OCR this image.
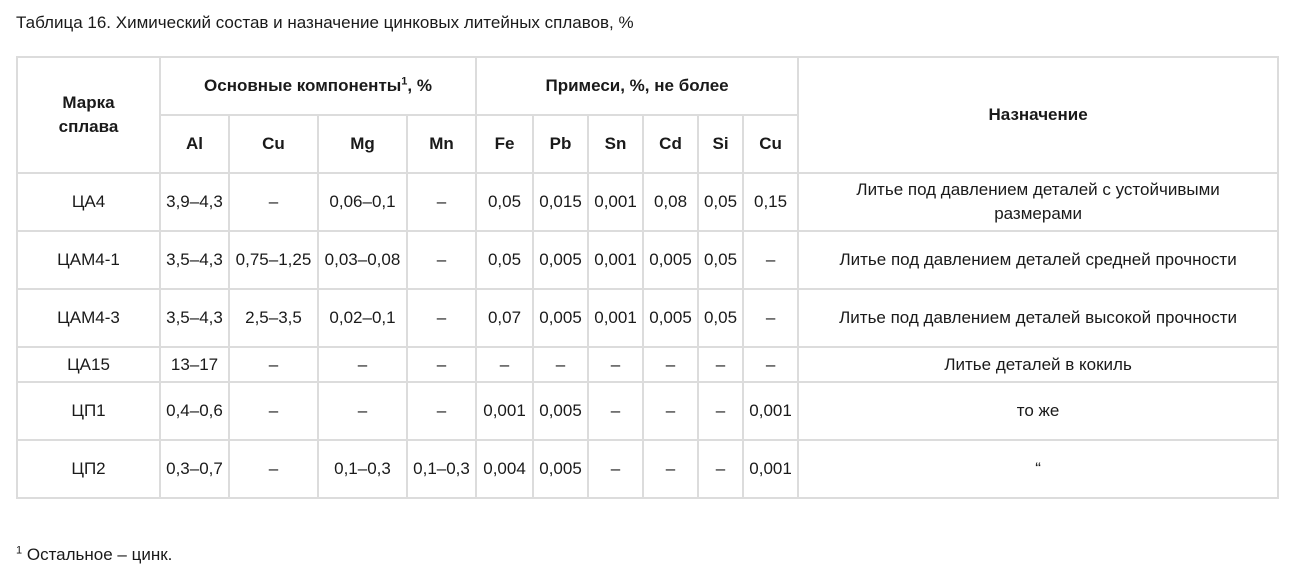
Таблица 16. Химический состав и назначение цинковых литейных сплавов, %
Марка сплава	Основные компоненты$^1$, %				Примеси, %, не более						Назначение
	Al	Cu	Mg	Mn	Fe	Pb	Sn	Cd	Si	Cu	
ЦА4	3,9–4,3	–	0,06–0,1	–	0,05	0,015	0,001	0,08	0,05	0,15	Литье под давлением деталей с устойчивыми размерами
ЦАМ4-1	3,5–4,3	0,75–1,25	0,03–0,08	–	0,05	0,005	0,001	0,005	0,05	–	Литье под давлением деталей средней прочности
ЦАМ4-3	3,5–4,3	2,5–3,5	0,02–0,1	–	0,07	0,005	0,001	0,005	0,05	–	Литье под давлением деталей высокой прочности
ЦА15	13–17	–	–	–	–	–	–	–	–	–	Литье деталей в кокиль
ЦП1	0,4–0,6	–	–	–	0,001	0,005	–	–	–	0,001	то же
ЦП2	0,3–0,7	–	0,1–0,3	0,1–0,3	0,004	0,005	–	–	–	0,001	“
$^1$ Остальное – цинк.
